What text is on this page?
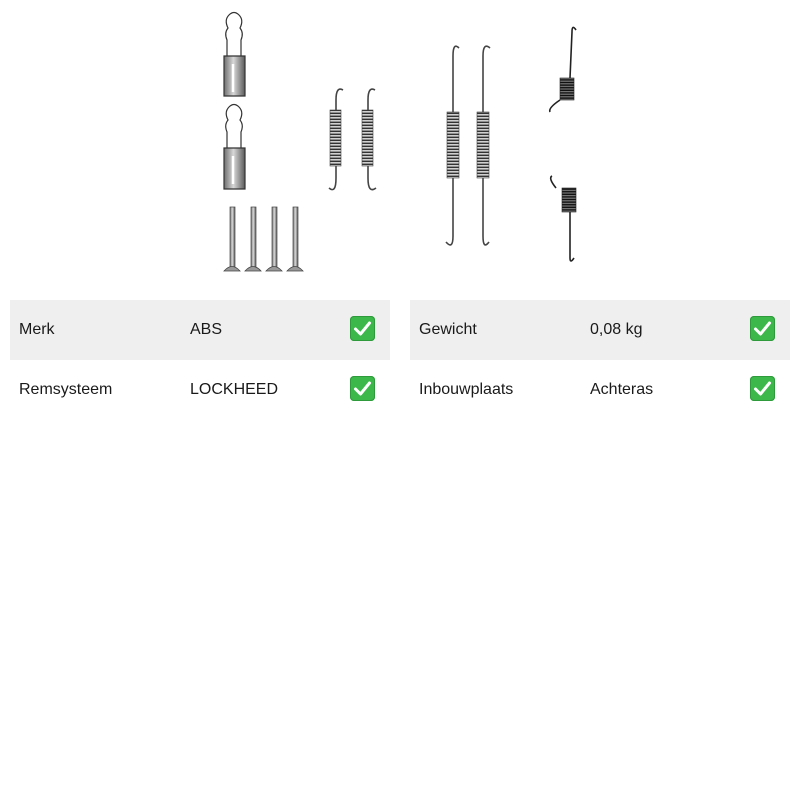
Merk	ABS
Remsysteem	LOCKHEED
Gewicht	0,08 kg
Inbouwplaats	Achteras
